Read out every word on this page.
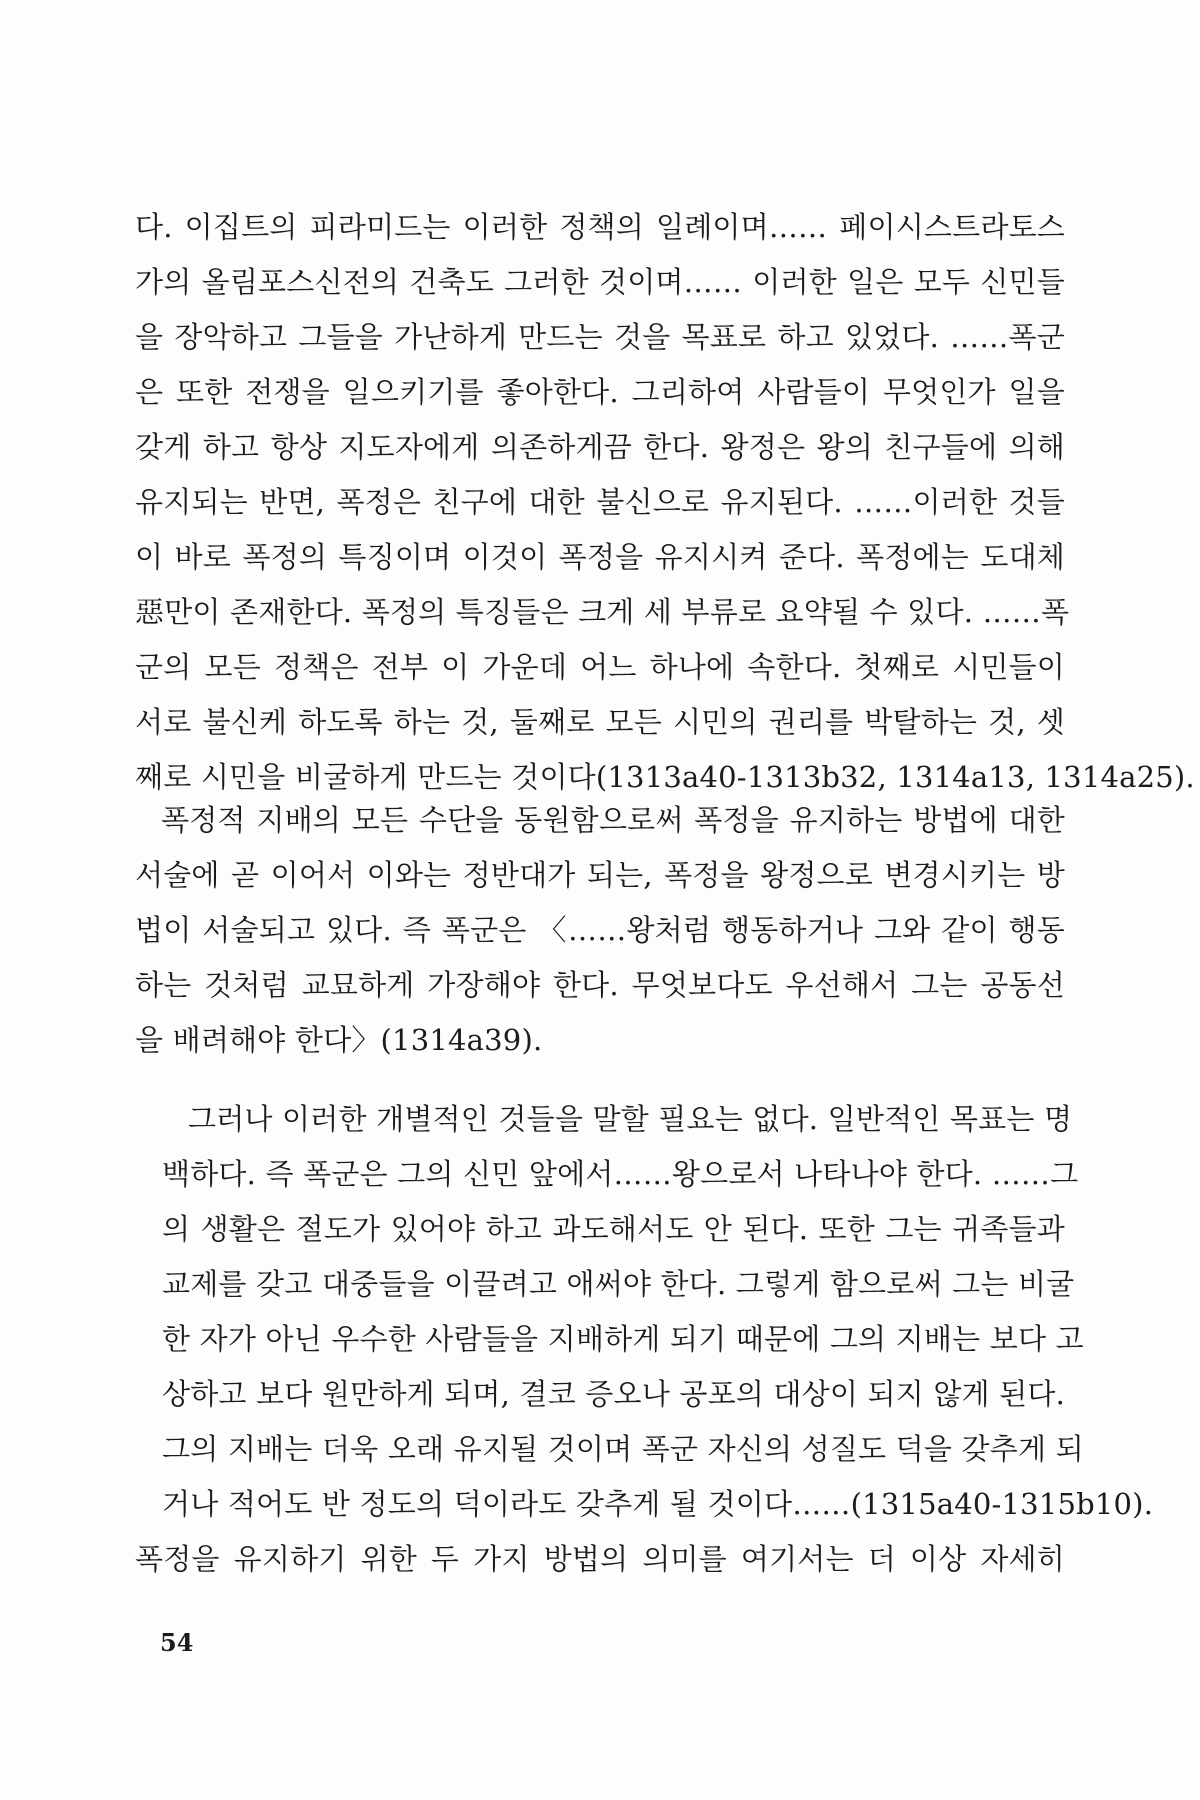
다. 이집트의 피라미드는 이러한 정책의 일례이며…… 페이시스트라토스
가의 올림포스신전의 건축도 그러한 것이며…… 이러한 일은 모두 신민들
을 장악하고 그들을 가난하게 만드는 것을 목표로 하고 있었다. ……폭군
은 또한 전쟁을 일으키기를 좋아한다. 그리하여 사람들이 무엇인가 일을
갖게 하고 항상 지도자에게 의존하게끔 한다. 왕정은 왕의 친구들에 의해
유지되는 반면, 폭정은 친구에 대한 불신으로 유지된다. ……이러한 것들
이 바로 폭정의 특징이며 이것이 폭정을 유지시켜 준다. 폭정에는 도대체
惡만이 존재한다. 폭정의 특징들은 크게 세 부류로 요약될 수 있다. ……폭
군의 모든 정책은 전부 이 가운데 어느 하나에 속한다. 첫째로 시민들이
서로 불신케 하도록 하는 것, 둘째로 모든 시민의 권리를 박탈하는 것, 셋
째로 시민을 비굴하게 만드는 것이다(1313a40-1313b32, 1314a13, 1314a25).
폭정적 지배의 모든 수단을 동원함으로써 폭정을 유지하는 방법에 대한
서술에 곧 이어서 이와는 정반대가 되는, 폭정을 왕정으로 변경시키는 방
법이 서술되고 있다. 즉 폭군은 〈……왕처럼 행동하거나 그와 같이 행동
하는 것처럼 교묘하게 가장해야 한다. 무엇보다도 우선해서 그는 공동선
을 배려해야 한다〉(1314a39).
그러나 이러한 개별적인 것들을 말할 필요는 없다. 일반적인 목표는 명
백하다. 즉 폭군은 그의 신민 앞에서……왕으로서 나타나야 한다. ……그
의 생활은 절도가 있어야 하고 과도해서도 안 된다. 또한 그는 귀족들과
교제를 갖고 대중들을 이끌려고 애써야 한다. 그렇게 함으로써 그는 비굴
한 자가 아닌 우수한 사람들을 지배하게 되기 때문에 그의 지배는 보다 고
상하고 보다 원만하게 되며, 결코 증오나 공포의 대상이 되지 않게 된다.
그의 지배는 더욱 오래 유지될 것이며 폭군 자신의 성질도 덕을 갖추게 되
거나 적어도 반 정도의 덕이라도 갖추게 될 것이다……(1315a40-1315b10).
폭정을 유지하기 위한 두 가지 방법의 의미를 여기서는 더 이상 자세히
54
